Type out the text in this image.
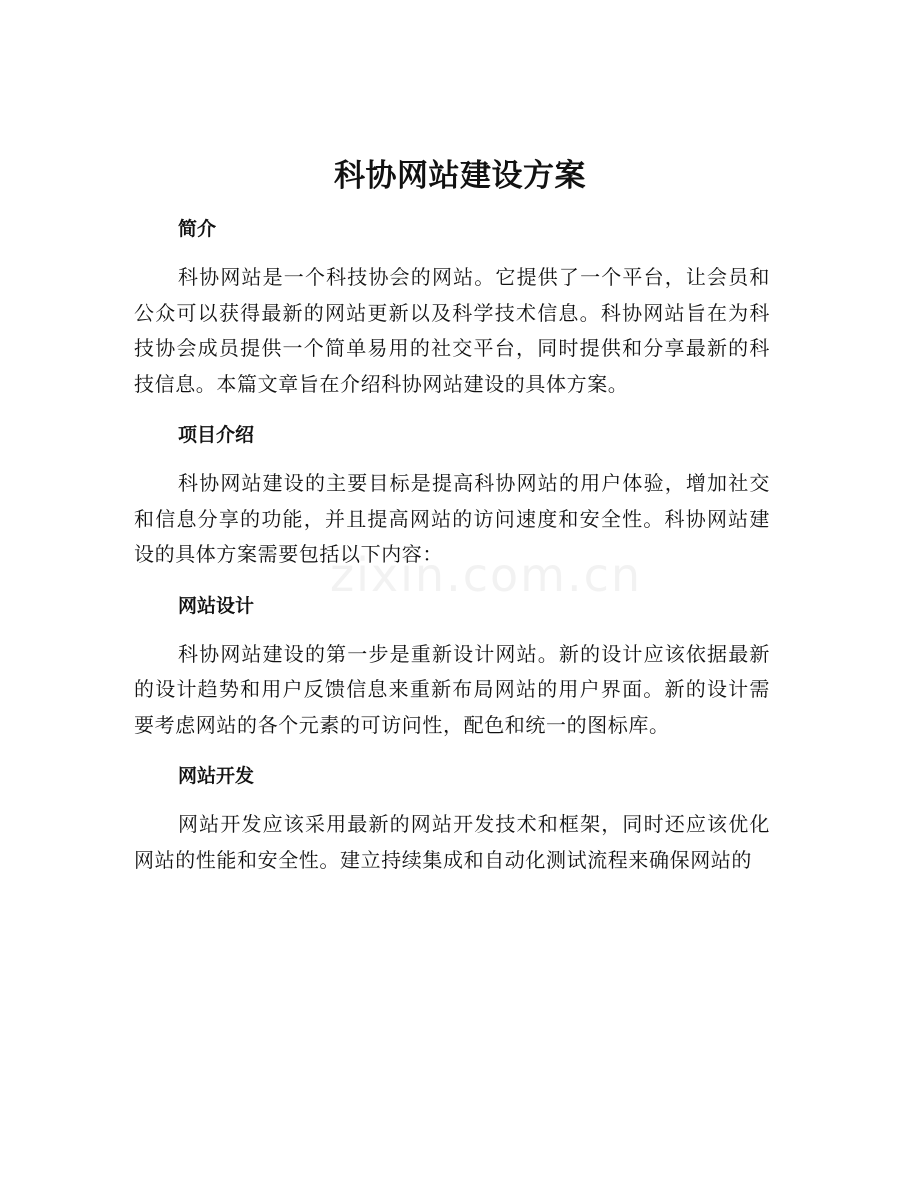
科协网站建设方案
简介

科协网站是一个科技协会的网站。它提供了一个平台，让会员和公众可以获得最新的网站更新以及科学技术信息。科协网站旨在为科技协会成员提供一个简单易用的社交平台，同时提供和分享最新的科技信息。本篇文章旨在介绍科协网站建设的具体方案。

项目介绍

科协网站建设的主要目标是提高科协网站的用户体验，增加社交和信息分享的功能，并且提高网站的访问速度和安全性。科协网站建设的具体方案需要包括以下内容：

网站设计

科协网站建设的第一步是重新设计网站。新的设计应该依据最新的设计趋势和用户反馈信息来重新布局网站的用户界面。新的设计需要考虑网站的各个元素的可访问性，配色和统一的图标库。

网站开发

网站开发应该采用最新的网站开发技术和框架，同时还应该优化网站的性能和安全性。建立持续集成和自动化测试流程来确保网站的

zixin.com.cn
